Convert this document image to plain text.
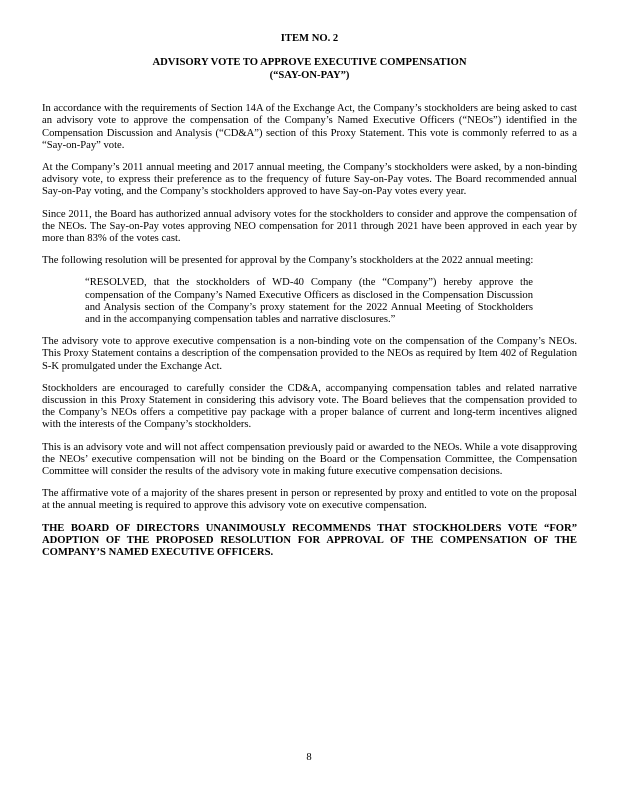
ITEM NO. 2
ADVISORY VOTE TO APPROVE EXECUTIVE COMPENSATION
(“SAY-ON-PAY”)

In accordance with the requirements of Section 14A of the Exchange Act, the Company’s stockholders are being asked to cast an advisory vote to approve the compensation of the Company’s Named Executive Officers (“NEOs”) identified in the Compensation Discussion and Analysis (“CD&A”) section of this Proxy Statement. This vote is commonly referred to as a “Say-on-Pay” vote.

At the Company’s 2011 annual meeting and 2017 annual meeting, the Company’s stockholders were asked, by a non-binding advisory vote, to express their preference as to the frequency of future Say-on-Pay votes. The Board recommended annual Say-on-Pay voting, and the Company’s stockholders approved to have Say-on-Pay votes every year.

Since 2011, the Board has authorized annual advisory votes for the stockholders to consider and approve the compensation of the NEOs. The Say-on-Pay votes approving NEO compensation for 2011 through 2021 have been approved in each year by more than 83% of the votes cast.

The following resolution will be presented for approval by the Company’s stockholders at the 2022 annual meeting:

“RESOLVED, that the stockholders of WD-40 Company (the “Company”) hereby approve the compensation of the Company’s Named Executive Officers as disclosed in the Compensation Discussion and Analysis section of the Company’s proxy statement for the 2022 Annual Meeting of Stockholders and in the accompanying compensation tables and narrative disclosures.”

The advisory vote to approve executive compensation is a non-binding vote on the compensation of the Company’s NEOs. This Proxy Statement contains a description of the compensation provided to the NEOs as required by Item 402 of Regulation S-K promulgated under the Exchange Act.

Stockholders are encouraged to carefully consider the CD&A, accompanying compensation tables and related narrative discussion in this Proxy Statement in considering this advisory vote. The Board believes that the compensation provided to the Company’s NEOs offers a competitive pay package with a proper balance of current and long-term incentives aligned with the interests of the Company’s stockholders.

This is an advisory vote and will not affect compensation previously paid or awarded to the NEOs. While a vote disapproving the NEOs’ executive compensation will not be binding on the Board or the Compensation Committee, the Compensation Committee will consider the results of the advisory vote in making future executive compensation decisions.

The affirmative vote of a majority of the shares present in person or represented by proxy and entitled to vote on the proposal at the annual meeting is required to approve this advisory vote on executive compensation.

THE BOARD OF DIRECTORS UNANIMOUSLY RECOMMENDS THAT STOCKHOLDERS VOTE “FOR” ADOPTION OF THE PROPOSED RESOLUTION FOR APPROVAL OF THE COMPENSATION OF THE COMPANY’S NAMED EXECUTIVE OFFICERS.

8
